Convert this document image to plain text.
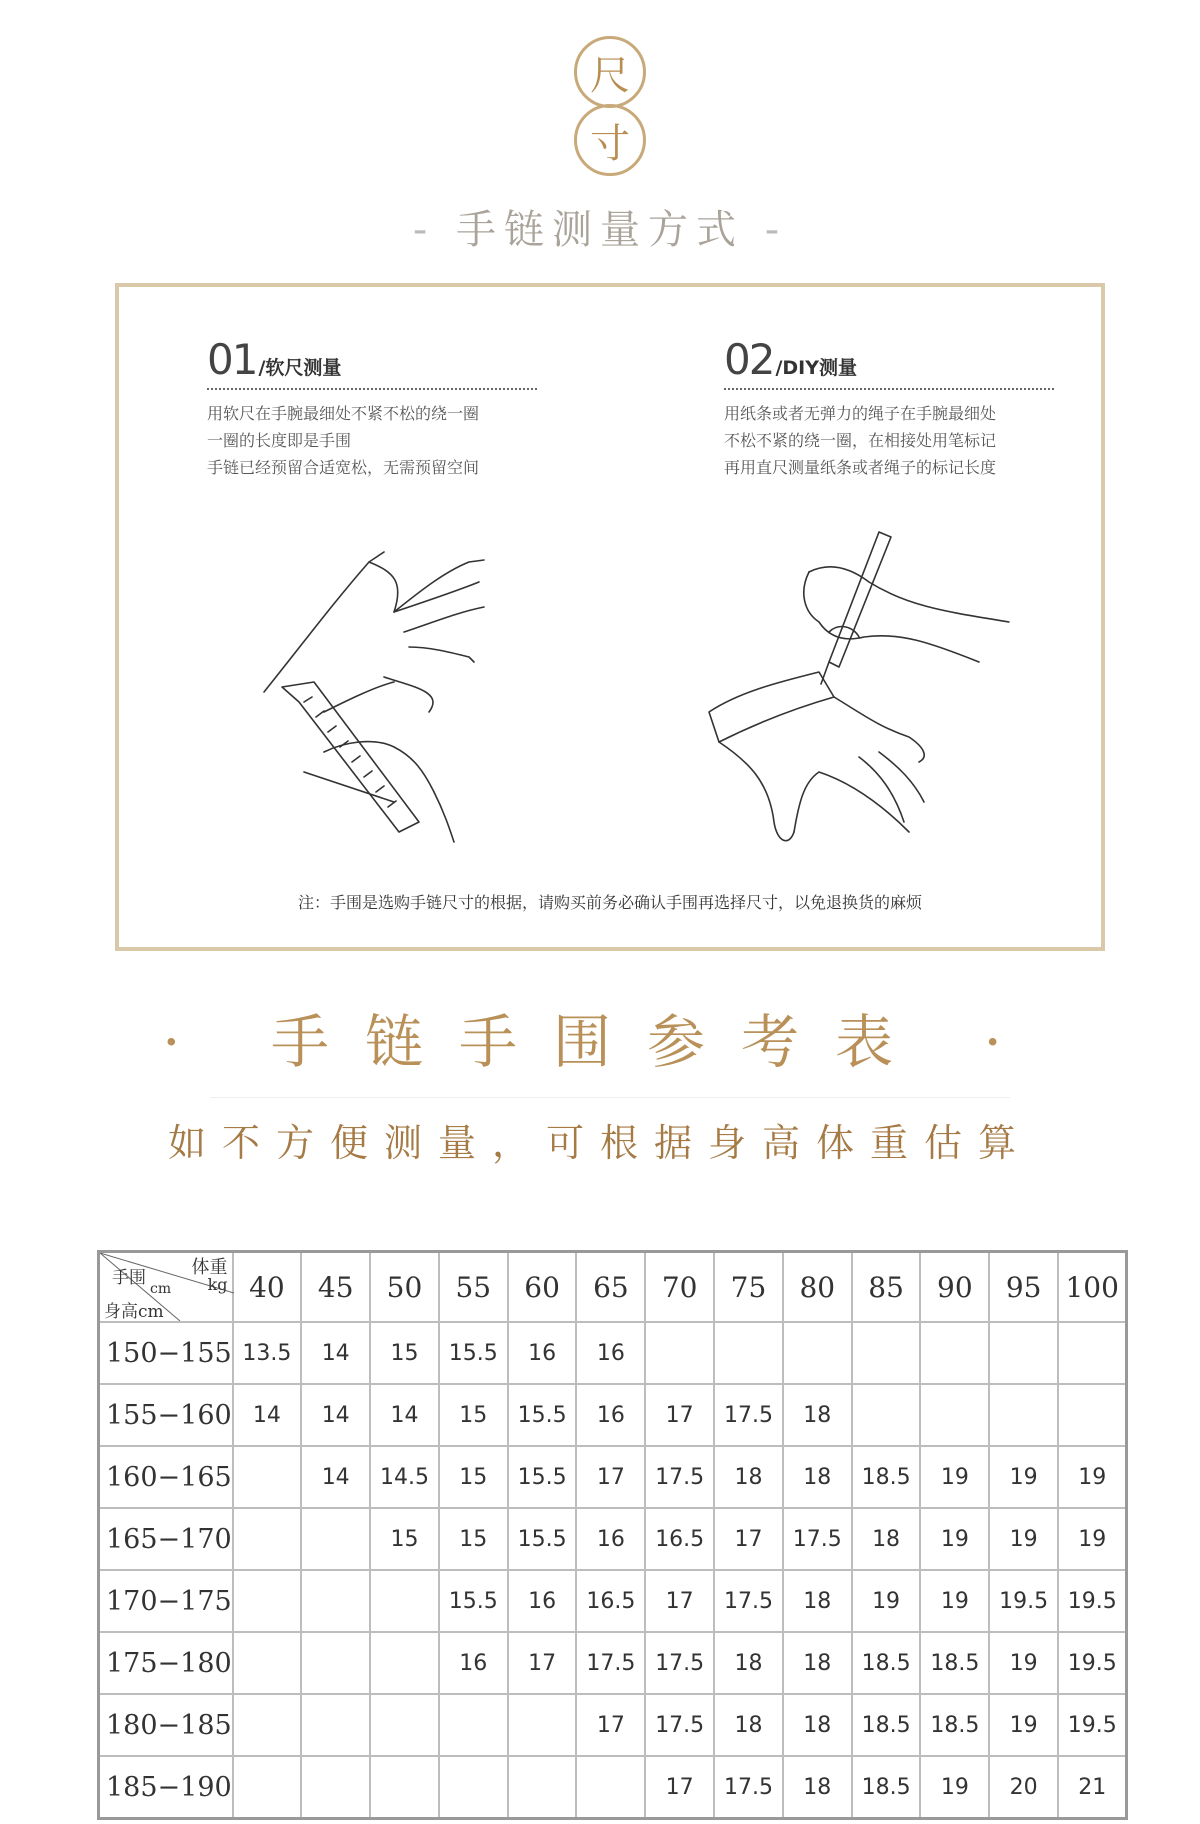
尺
寸
- 手链测量方式 -
01 /软尺测量
用软尺在手腕最细处不紧不松的绕一圈
一圈的长度即是手围
手链已经预留合适宽松，无需预留空间
02 /DIY测量
用纸条或者无弹力的绳子在手腕最细处
不松不紧的绕一圈，在相接处用笔标记
再用直尺测量纸条或者绳子的标记长度
注：手围是选购手链尺寸的根据，请购买前务必确认手围再选择尺寸，以免退换货的麻烦
· 手链手围参考表 ·
如不方便测量，可根据身高体重估算
体重
kg
手围
cm
身高cm	40	45	50	55	60	65	70	75	80	85	90	95	100
150−155	13.5	14	15	15.5	16	16							
155−160	14	14	14	15	15.5	16	17	17.5	18				
160−165		14	14.5	15	15.5	17	17.5	18	18	18.5	19	19	19
165−170			15	15	15.5	16	16.5	17	17.5	18	19	19	19
170−175				15.5	16	16.5	17	17.5	18	19	19	19.5	19.5
175−180				16	17	17.5	17.5	18	18	18.5	18.5	19	19.5
180−185						17	17.5	18	18	18.5	18.5	19	19.5
185−190							17	17.5	18	18.5	19	20	21
